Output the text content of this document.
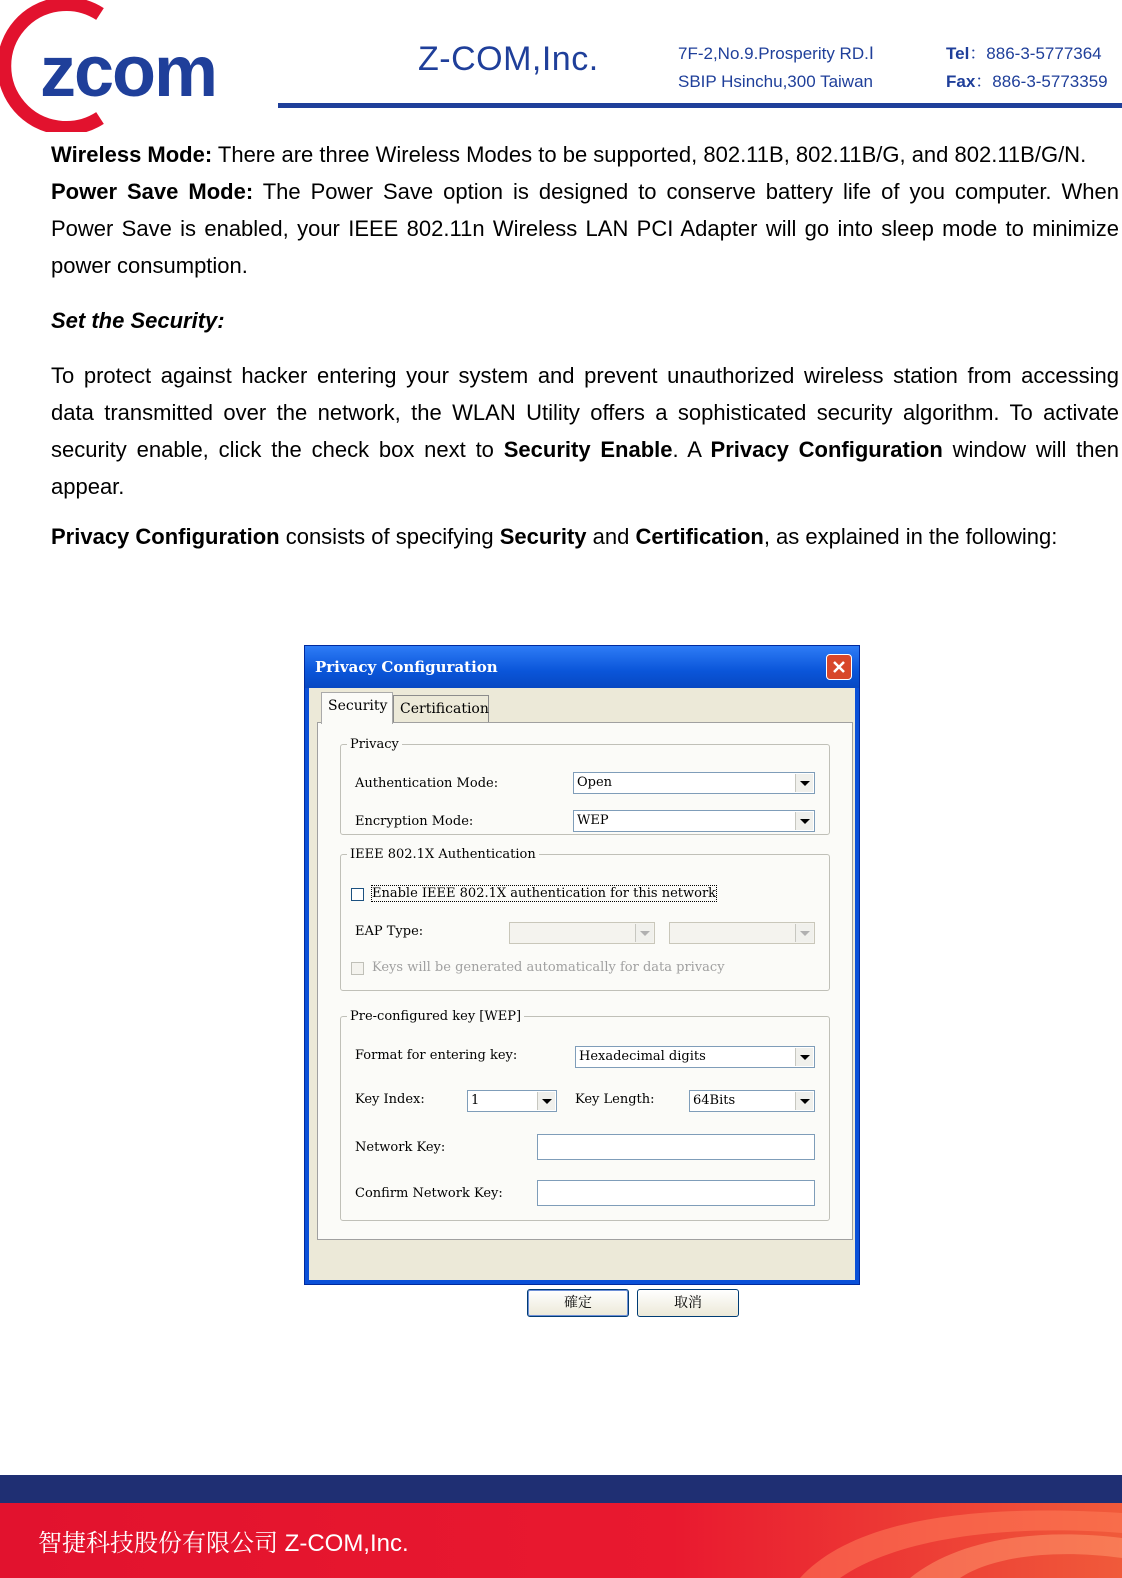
zcom	Z-COM,Inc.	7F-2,No.9.Prosperity RD.Ⅰ
SBIP Hsinchu,300 Taiwan
Tel：886-3-5777364
Fax：886-3-5773359

Wireless Mode: There are three Wireless Modes to be supported, 802.11B, 802.11B/G, and 802.11B/G/N.

Power Save Mode: The Power Save option is designed to conserve battery life of you computer. When Power Save is enabled, your IEEE 802.11n Wireless LAN PCI Adapter will go into sleep mode to minimize power consumption.

Set the Security:

To protect against hacker entering your system and prevent unauthorized wireless station from accessing data transmitted over the network, the WLAN Utility offers a sophisticated security algorithm. To activate security enable, click the check box next to Security Enable. A Privacy Configuration window will then appear.

Privacy Configuration consists of specifying Security and Certification, as explained in the following:

Privacy Configuration
Security Certification
Privacy
Authentication Mode:	Open
Encryption Mode:	WEP
IEEE 802.1X Authentication
Enable IEEE 802.1X authentication for this network
EAP Type:
Keys will be generated automatically for data privacy
Pre-configured key [WEP]
Format for entering key:	Hexadecimal digits
Key Index:	1	Key Length:	64Bits
Network Key:
Confirm Network Key:
確定	取消
智捷科技股份有限公司 Z-COM,Inc.
